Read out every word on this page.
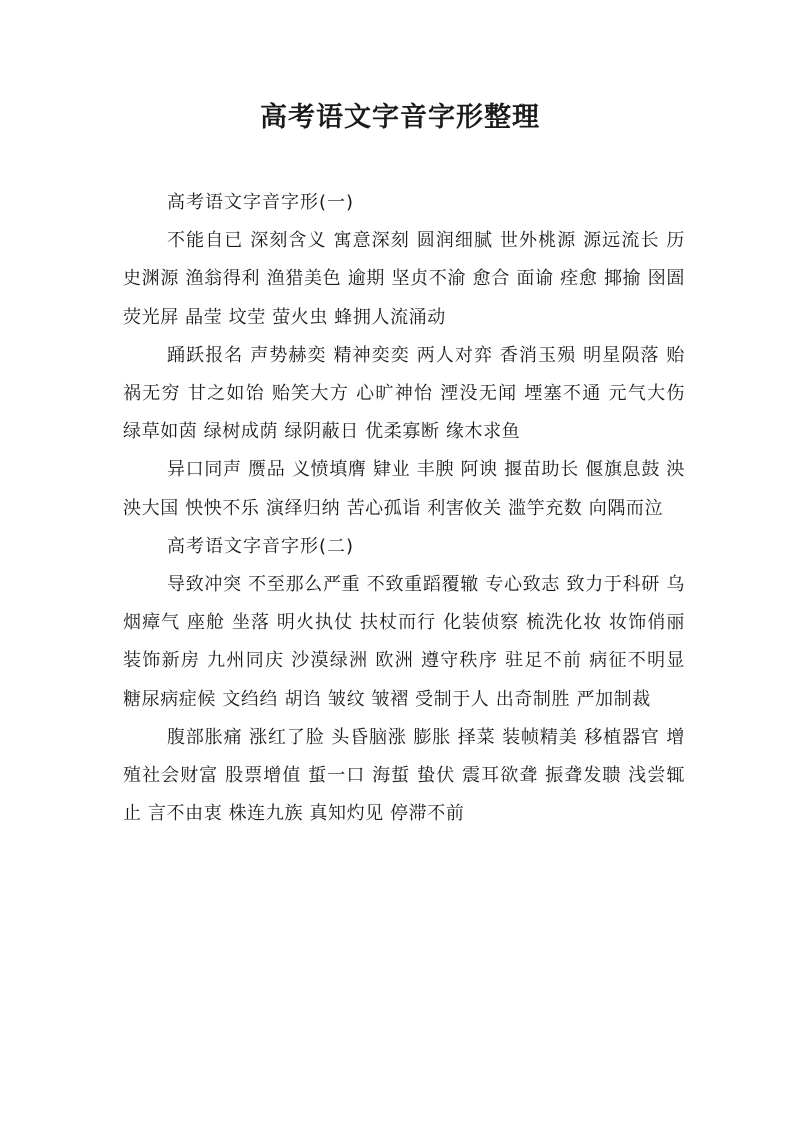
高考语文字音字形整理

高考语文字音字形(一)

不能自已 深刻含义 寓意深刻 圆润细腻 世外桃源 源远流长 历史渊源 渔翁得利 渔猎美色 逾期 坚贞不渝 愈合 面谕 痊愈 揶揄 囹圄 荧光屏 晶莹 坟茔 萤火虫 蜂拥人流涌动

踊跃报名 声势赫奕 精神奕奕 两人对弈 香消玉殒 明星陨落 贻祸无穷 甘之如饴 贻笑大方 心旷神怡 湮没无闻 堙塞不通 元气大伤 绿草如茵 绿树成荫 绿阴蔽日 优柔寡断 缘木求鱼

异口同声 赝品 义愤填膺 肄业 丰腴 阿谀 揠苗助长 偃旗息鼓 泱泱大国 怏怏不乐 演绎归纳 苦心孤诣 利害攸关 滥竽充数 向隅而泣

高考语文字音字形(二)

导致冲突 不至那么严重 不致重蹈覆辙 专心致志 致力于科研 乌烟瘴气 座舱 坐落 明火执仗 扶杖而行 化装侦察 梳洗化妆 妆饰俏丽 装饰新房 九州同庆 沙漠绿洲 欧洲 遵守秩序 驻足不前 病征不明显 糖尿病症候 文绉绉 胡诌 皱纹 皱褶 受制于人 出奇制胜 严加制裁

腹部胀痛 涨红了脸 头昏脑涨 膨胀 择菜 装帧精美 移植器官 增殖社会财富 股票增值 蜇一口 海蜇 蛰伏 震耳欲聋 振聋发聩 浅尝辄止 言不由衷 株连九族 真知灼见 停滞不前
